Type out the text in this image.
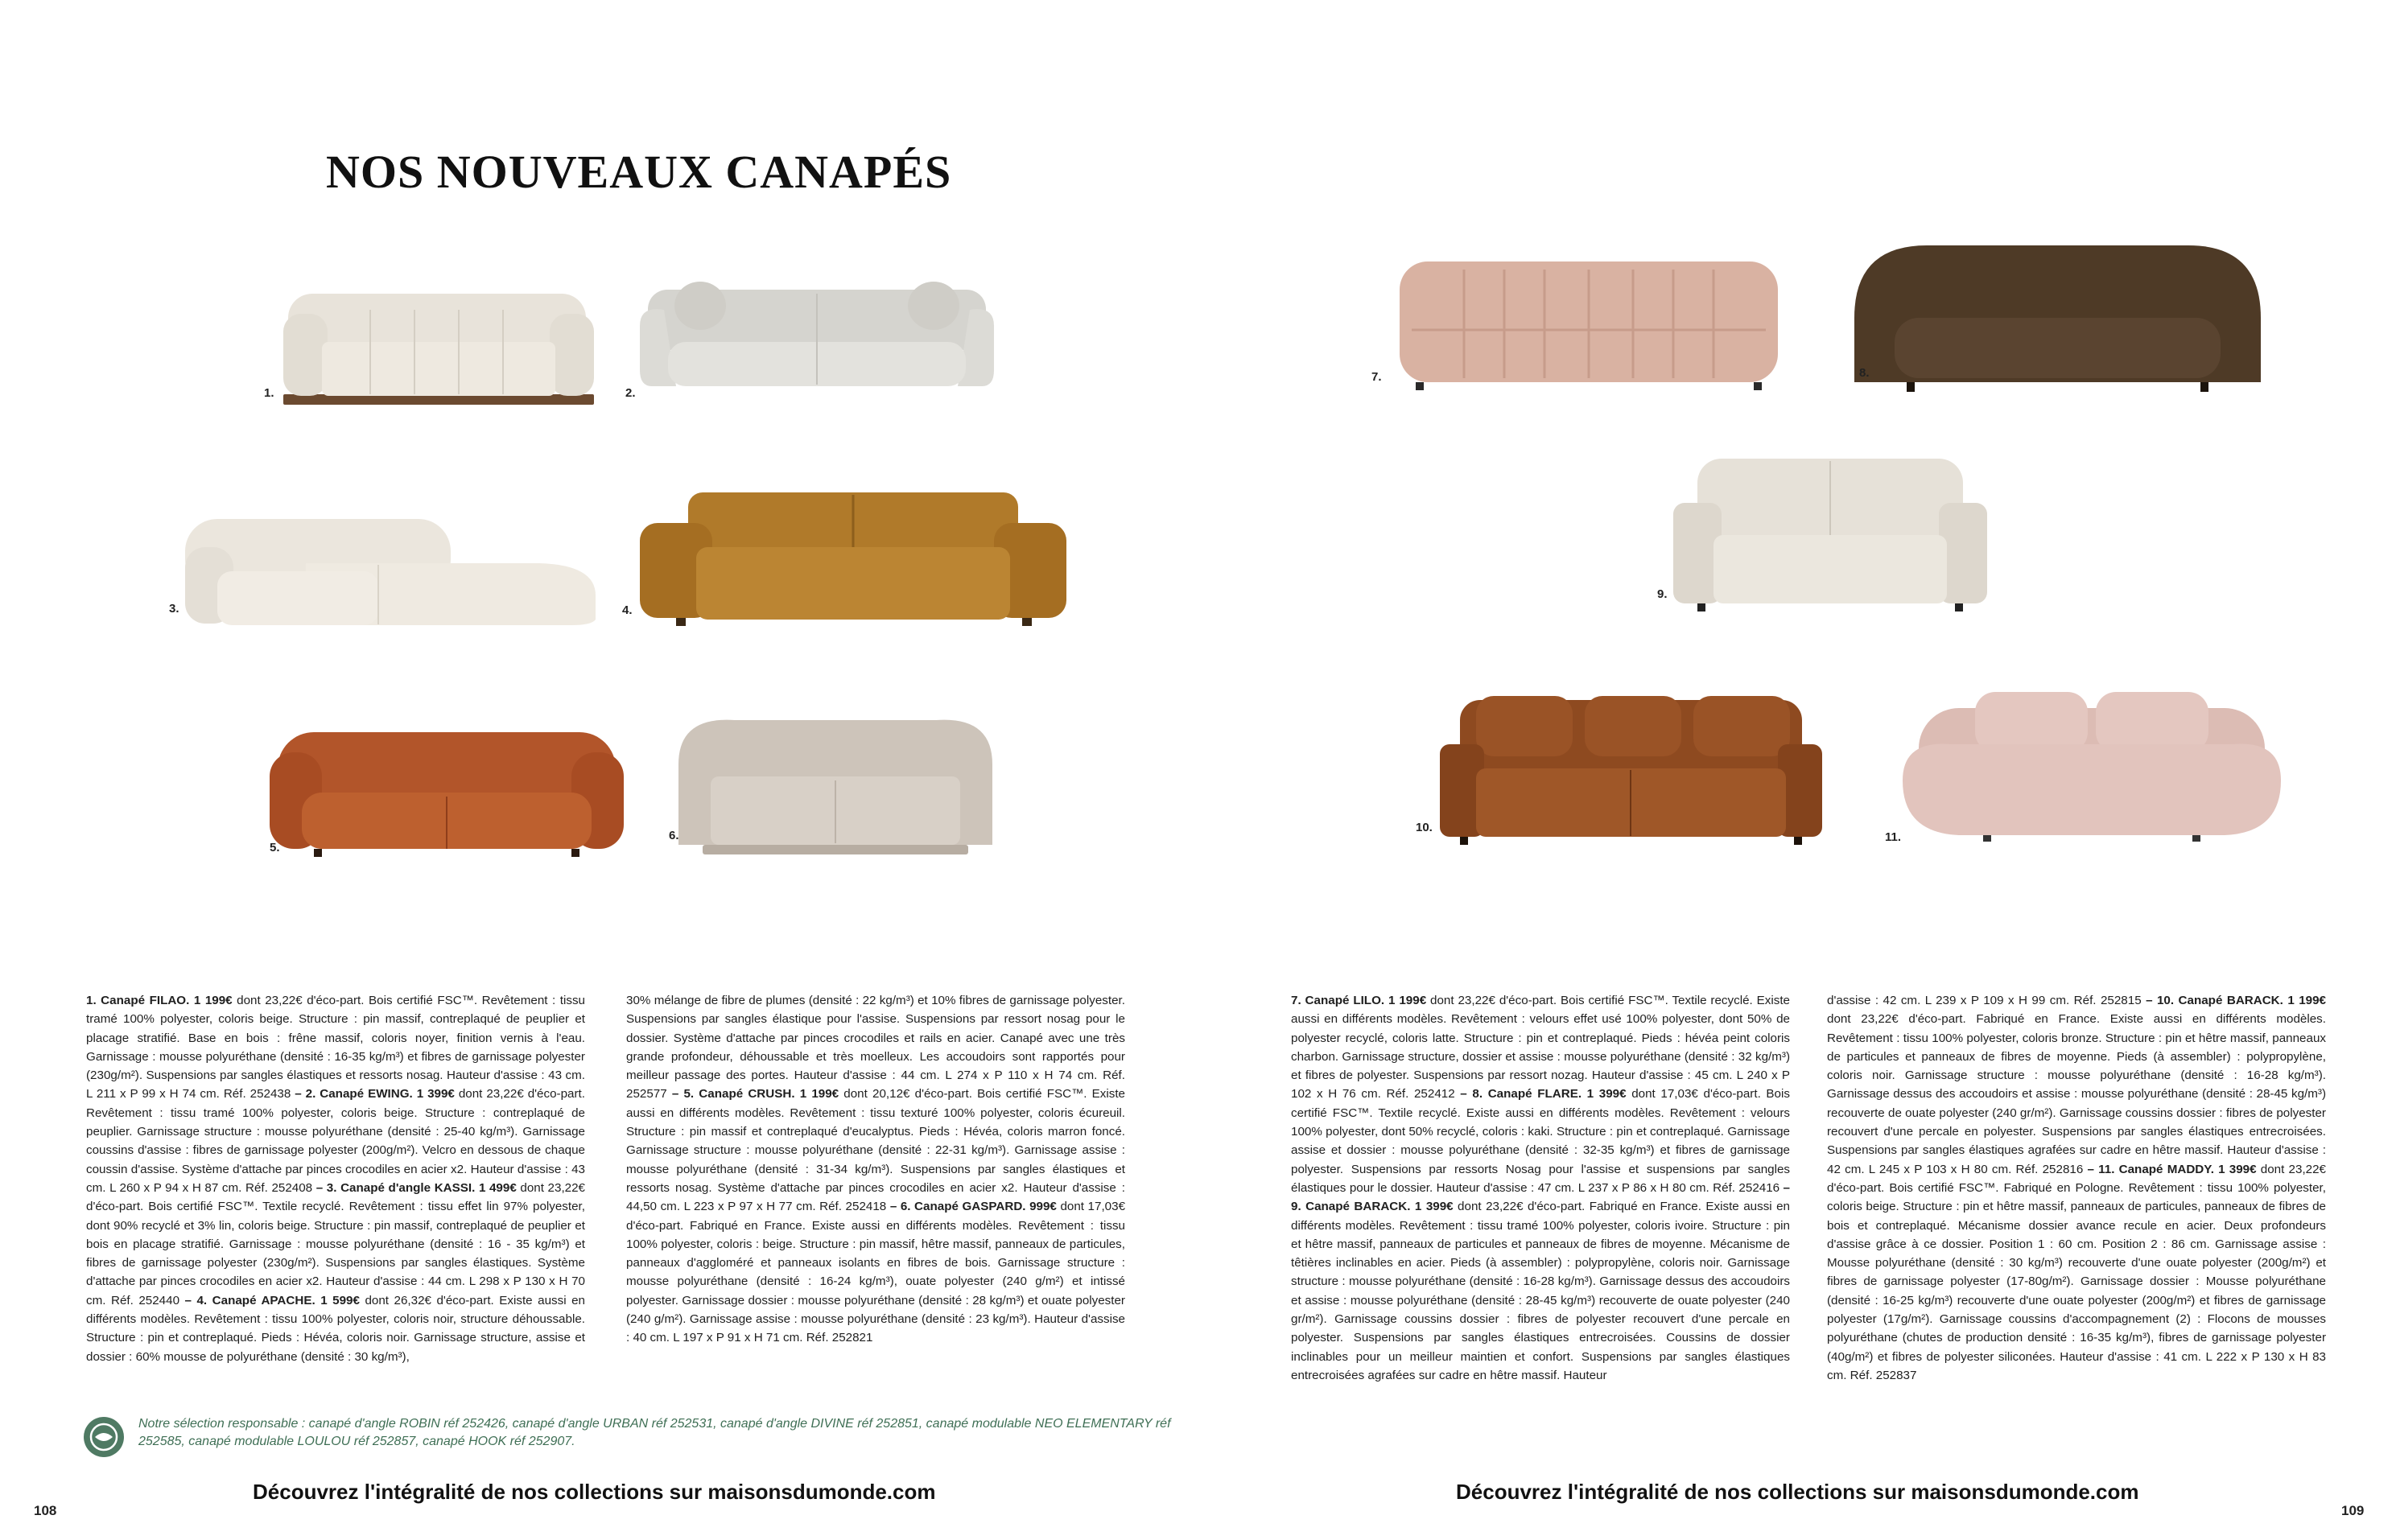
NOS NOUVEAUX CANAPÉS
1.	2.
3.	4.
5.
6.

1. Canapé FILAO. 1 199€ dont 23,22€ d'éco-part. Bois certifié FSC™. Revêtement : tissu tramé 100% polyester, coloris beige. Structure : pin massif, contreplaqué de peuplier et placage stratifié. Base en bois : frêne massif, coloris noyer, finition vernis à l'eau. Garnissage : mousse polyuréthane (densité : 16-35 kg/m³) et fibres de garnissage polyester (230g/m²). Suspensions par sangles élastiques et ressorts nosag. Hauteur d'assise : 43 cm. L 211 x P 99 x H 74 cm. Réf. 252438 – 2. Canapé EWING. 1 399€ dont 23,22€ d'éco-part. Revêtement : tissu tramé 100% polyester, coloris beige. Structure : contreplaqué de peuplier. Garnissage structure : mousse polyuréthane (densité : 25-40 kg/m³). Garnissage coussins d'assise : fibres de garnissage polyester (200g/m²). Velcro en dessous de chaque coussin d'assise. Système d'attache par pinces crocodiles en acier x2. Hauteur d'assise : 43 cm. L 260 x P 94 x H 87 cm. Réf. 252408 – 3. Canapé d'angle KASSI. 1 499€ dont 23,22€ d'éco-part. Bois certifié FSC™. Textile recyclé. Revêtement : tissu effet lin 97% polyester, dont 90% recyclé et 3% lin, coloris beige. Structure : pin massif, contreplaqué de peuplier et bois en placage stratifié. Garnissage : mousse polyuréthane (densité : 16 - 35 kg/m³) et fibres de garnissage polyester (230g/m²). Suspensions par sangles élastiques. Système d'attache par pinces crocodiles en acier x2. Hauteur d'assise : 44 cm. L 298 x P 130 x H 70 cm. Réf. 252440 – 4. Canapé APACHE. 1 599€ dont 26,32€ d'éco-part. Existe aussi en différents modèles. Revêtement : tissu 100% polyester, coloris noir, structure déhoussable. Structure : pin et contreplaqué. Pieds : Hévéa, coloris noir. Garnissage structure, assise et dossier : 60% mousse de polyuréthane (densité : 30 kg/m³),

30% mélange de fibre de plumes (densité : 22 kg/m³) et 10% fibres de garnissage polyester. Suspensions par sangles élastique pour l'assise. Suspensions par ressort nosag pour le dossier. Système d'attache par pinces crocodiles et rails en acier. Canapé avec une très grande profondeur, déhoussable et très moelleux. Les accoudoirs sont rapportés pour meilleur passage des portes. Hauteur d'assise : 44 cm. L 274 x P 110 x H 74 cm. Réf. 252577 – 5. Canapé CRUSH. 1 199€ dont 20,12€ d'éco-part. Bois certifié FSC™. Existe aussi en différents modèles. Revêtement : tissu texturé 100% polyester, coloris écureuil. Structure : pin massif et contreplaqué d'eucalyptus. Pieds : Hévéa, coloris marron foncé. Garnissage structure : mousse polyuréthane (densité : 22-31 kg/m³). Garnissage assise : mousse polyuréthane (densité : 31-34 kg/m³). Suspensions par sangles élastiques et ressorts nosag. Système d'attache par pinces crocodiles en acier x2. Hauteur d'assise : 44,50 cm. L 223 x P 97 x H 77 cm. Réf. 252418 – 6. Canapé GASPARD. 999€ dont 17,03€ d'éco-part. Fabriqué en France. Existe aussi en différents modèles. Revêtement : tissu 100% polyester, coloris : beige. Structure : pin massif, hêtre massif, panneaux de particules, panneaux d'aggloméré et panneaux isolants en fibres de bois. Garnissage structure : mousse polyuréthane (densité : 16-24 kg/m³), ouate polyester (240 g/m²) et intissé polyester. Garnissage dossier : mousse polyuréthane (densité : 28 kg/m³) et ouate polyester (240 g/m²). Garnissage assise : mousse polyuréthane (densité : 23 kg/m³). Hauteur d'assise : 40 cm. L 197 x P 91 x H 71 cm. Réf. 252821

Notre sélection responsable : canapé d'angle ROBIN réf 252426, canapé d'angle URBAN réf 252531, canapé d'angle DIVINE réf 252851, canapé modulable NEO ELEMENTARY réf 252585, canapé modulable LOULOU réf 252857, canapé HOOK réf 252907.
Découvrez l'intégralité de nos collections sur maisonsdumonde.com
108
7.	8.
9.
10.
11.

7. Canapé LILO. 1 199€ dont 23,22€ d'éco-part. Bois certifié FSC™. Textile recyclé. Existe aussi en différents modèles. Revêtement : velours effet usé 100% polyester, dont 50% de polyester recyclé, coloris latte. Structure : pin et contreplaqué. Pieds : hévéa peint coloris charbon. Garnissage structure, dossier et assise : mousse polyuréthane (densité : 32 kg/m³) et fibres de polyester. Suspensions par ressort nozag. Hauteur d'assise : 45 cm. L 240 x P 102 x H 76 cm. Réf. 252412 – 8. Canapé FLARE. 1 399€ dont 17,03€ d'éco-part. Bois certifié FSC™. Textile recyclé. Existe aussi en différents modèles. Revêtement : velours 100% polyester, dont 50% recyclé, coloris : kaki. Structure : pin et contreplaqué. Garnissage assise et dossier : mousse polyuréthane (densité : 32-35 kg/m³) et fibres de garnissage polyester. Suspensions par ressorts Nosag pour l'assise et suspensions par sangles élastiques pour le dossier. Hauteur d'assise : 47 cm. L 237 x P 86 x H 80 cm. Réf. 252416 – 9. Canapé BARACK. 1 399€ dont 23,22€ d'éco-part. Fabriqué en France. Existe aussi en différents modèles. Revêtement : tissu tramé 100% polyester, coloris ivoire. Structure : pin et hêtre massif, panneaux de particules et panneaux de fibres de moyenne. Mécanisme de têtières inclinables en acier. Pieds (à assembler) : polypropylène, coloris noir. Garnissage structure : mousse polyuréthane (densité : 16-28 kg/m³). Garnissage dessus des accoudoirs et assise : mousse polyuréthane (densité : 28-45 kg/m³) recouverte de ouate polyester (240 gr/m²). Garnissage coussins dossier : fibres de polyester recouvert d'une percale en polyester. Suspensions par sangles élastiques entrecroisées. Coussins de dossier inclinables pour un meilleur maintien et confort. Suspensions par sangles élastiques entrecroisées agrafées sur cadre en hêtre massif. Hauteur

d'assise : 42 cm. L 239 x P 109 x H 99 cm. Réf. 252815 – 10. Canapé BARACK. 1 199€ dont 23,22€ d'éco-part. Fabriqué en France. Existe aussi en différents modèles. Revêtement : tissu 100% polyester, coloris bronze. Structure : pin et hêtre massif, panneaux de particules et panneaux de fibres de moyenne. Pieds (à assembler) : polypropylène, coloris noir. Garnissage structure : mousse polyuréthane (densité : 16-28 kg/m³). Garnissage dessus des accoudoirs et assise : mousse polyuréthane (densité : 28-45 kg/m³) recouverte de ouate polyester (240 gr/m²). Garnissage coussins dossier : fibres de polyester recouvert d'une percale en polyester. Suspensions par sangles élastiques entrecroisées. Suspensions par sangles élastiques agrafées sur cadre en hêtre massif. Hauteur d'assise : 42 cm. L 245 x P 103 x H 80 cm. Réf. 252816 – 11. Canapé MADDY. 1 399€ dont 23,22€ d'éco-part. Bois certifié FSC™. Fabriqué en Pologne. Revêtement : tissu 100% polyester, coloris beige. Structure : pin et hêtre massif, panneaux de particules, panneaux de fibres de bois et contreplaqué. Mécanisme dossier avance recule en acier. Deux profondeurs d'assise grâce à ce dossier. Position 1 : 60 cm. Position 2 : 86 cm. Garnissage assise : Mousse polyuréthane (densité : 30 kg/m³) recouverte d'une ouate polyester (200g/m²) et fibres de garnissage polyester (17-80g/m²). Garnissage dossier : Mousse polyuréthane (densité : 16-25 kg/m³) recouverte d'une ouate polyester (200g/m²) et fibres de garnissage polyester (17g/m²). Garnissage coussins d'accompagnement (2) : Flocons de mousses polyuréthane (chutes de production densité : 16-35 kg/m³), fibres de garnissage polyester (40g/m²) et fibres de polyester siliconées. Hauteur d'assise : 41 cm. L 222 x P 130 x H 83 cm. Réf. 252837

Découvrez l'intégralité de nos collections sur maisonsdumonde.com
109
